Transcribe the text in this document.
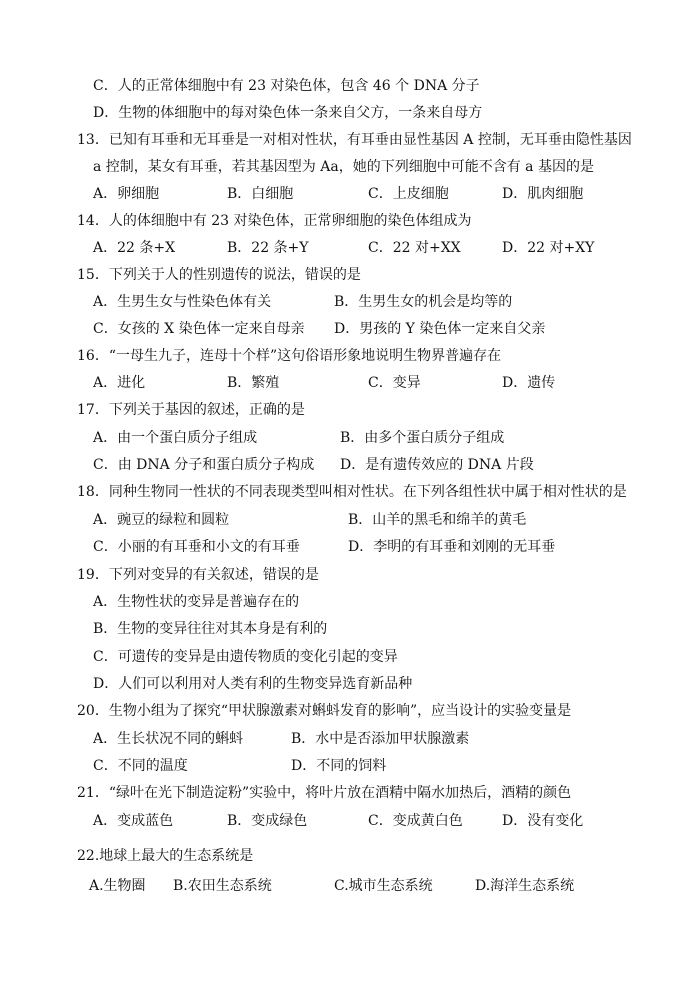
C．人的正常体细胞中有 23 对染色体，包含 46 个 DNA 分子
D．生物的体细胞中的每对染色体一条来自父方，一条来自母方
13．已知有耳垂和无耳垂是一对相对性状，有耳垂由显性基因 A 控制，无耳垂由隐性基因
a 控制，某女有耳垂，若其基因型为 Aa，她的下列细胞中可能不含有 a 基因的是
A．卵细胞	B．白细胞	C．上皮细胞	D．肌肉细胞
14．人的体细胞中有 23 对染色体，正常卵细胞的染色体组成为
A．22 条+X	B．22 条+Y	C．22 对+XX	D．22 对+XY
15．下列关于人的性别遗传的说法，错误的是
A．生男生女与性染色体有关	B．生男生女的机会是均等的
C．女孩的 X 染色体一定来自母亲 D．男孩的 Y 染色体一定来自父亲
16．“一母生九子，连母十个样”这句俗语形象地说明生物界普遍存在
A．进化	B．繁殖	C．变异	D．遗传
17．下列关于基因的叙述，正确的是
A．由一个蛋白质分子组成	B．由多个蛋白质分子组成
C．由 DNA 分子和蛋白质分子构成 D．是有遗传效应的 DNA 片段
18．同种生物同一性状的不同表现类型叫相对性状。在下列各组性状中属于相对性状的是
A．豌豆的绿粒和圆粒	B．山羊的黑毛和绵羊的黄毛
C．小丽的有耳垂和小文的有耳垂	D．李明的有耳垂和刘刚的无耳垂
19．下列对变异的有关叙述，错误的是
A．生物性状的变异是普遍存在的
B．生物的变异往往对其本身是有利的
C．可遗传的变异是由遗传物质的变化引起的变异
D．人们可以利用对人类有利的生物变异选育新品种
20．生物小组为了探究“甲状腺激素对蝌蚪发育的影响”，应当设计的实验变量是
A．生长状况不同的蝌蚪	B．水中是否添加甲状腺激素
C．不同的温度	D．不同的饲料
21．“绿叶在光下制造淀粉”实验中，将叶片放在酒精中隔水加热后，酒精的颜色
A．变成蓝色	B．变成绿色	C．变成黄白色	D．没有变化
22.地球上最大的生态系统是
A.生物圈 B.农田生态系统	C.城市生态系统	D.海洋生态系统
